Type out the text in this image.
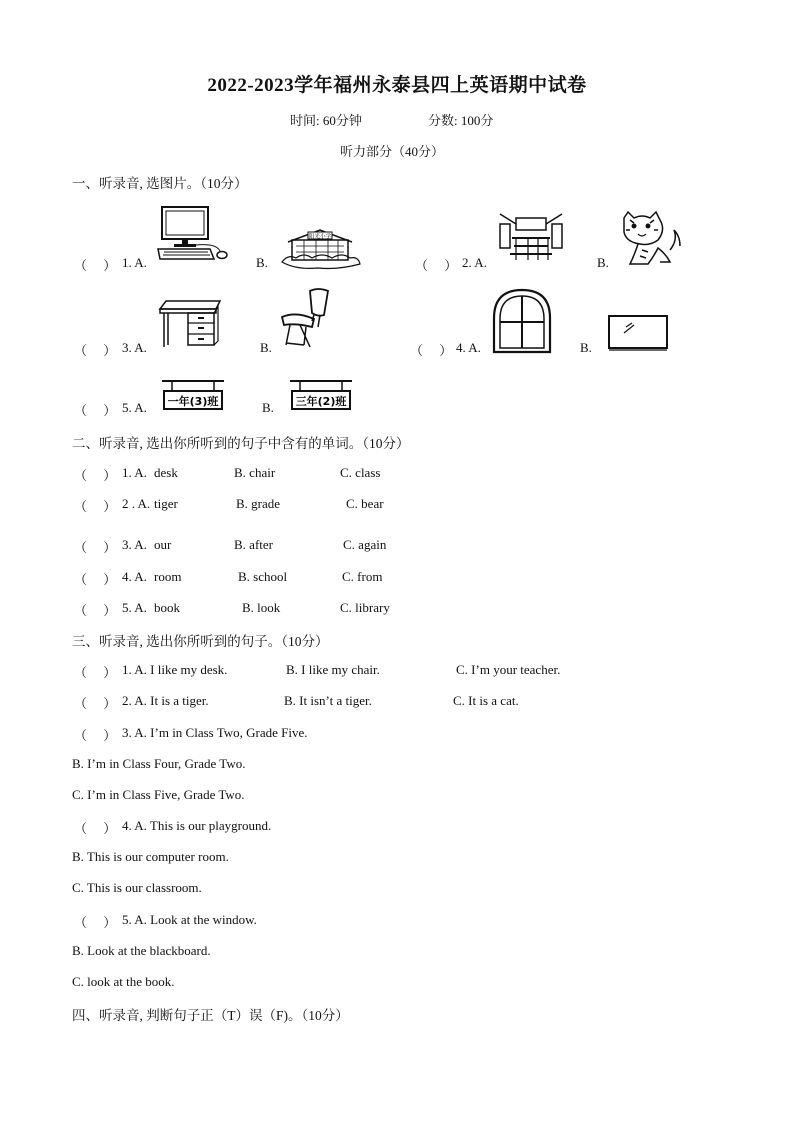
2022-2023学年福州永泰县四上英语期中试卷
时间: 60分钟	分数: 100分
听力部分（40分）
一、听录音, 选图片。（10分）
（　 ） 1. A.	B.
阳光小学
（　 ） 2. A.	B.
（　 ） 3. A.	B.	（　 ） 4. A.	B.
（　 ） 5. A. 一年(3)班	B. 三年(2)班
二、听录音, 选出你所听到的句子中含有的单词。（10分）
（　 ） 1. A. desk	B. chair	C. class
（　 ） 2 . A. tiger	B. grade	C. bear
（　 ） 3. A. our	B. after	C. again
（　 ） 4. A. room	B. school	C. from
（　 ） 5. A. book	B. look	C. library
三、听录音, 选出你所听到的句子。（10分）
（　 ） 1. A. I like my desk.	B. I like my chair.	C. I’m your teacher.
（　 ） 2. A. It is a tiger.	B. It isn’t a tiger.	C. It is a cat.
（　 ） 3. A. I’m in Class Two, Grade Five.
B. I’m in Class Four, Grade Two.
C. I’m in Class Five, Grade Two.
（　 ） 4. A. This is our playground.
B. This is our computer room.
C. This is our classroom.
（　 ） 5. A. Look at the window.
B. Look at the blackboard.
C. look at the book.
四、听录音, 判断句子正（T）误（F)。（10分）
